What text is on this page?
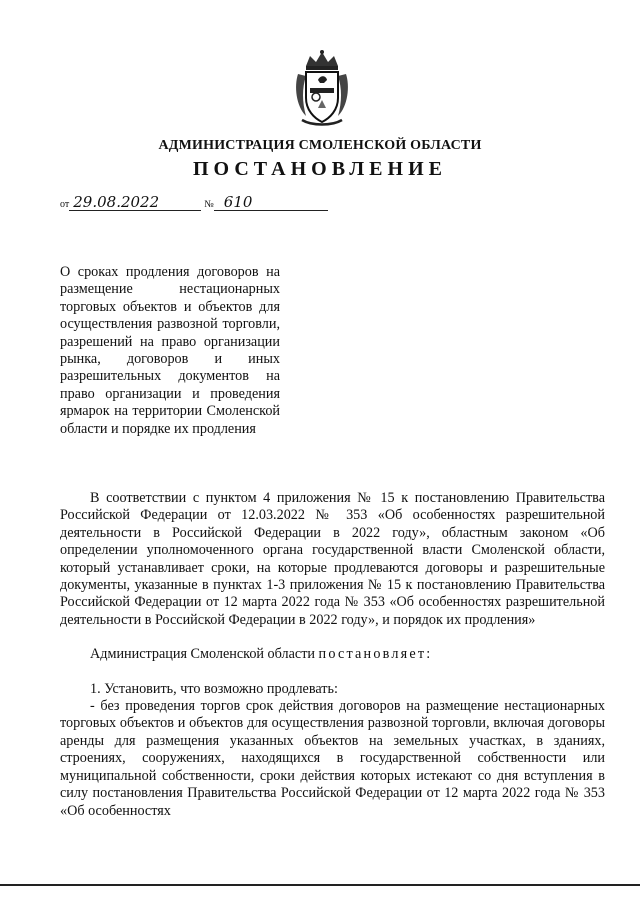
АДМИНИСТРАЦИЯ СМОЛЕНСКОЙ ОБЛАСТИ
ПОСТАНОВЛЕНИЕ
от 29.08.2022	№ 610
О сроках продления договоров на размещение нестационарных торговых объектов и объектов для осуществления развозной торговли, разрешений на право организации рынка, договоров и иных разрешительных документов на право организации и проведения ярмарок на территории Смоленской области и порядке их продления

В соответствии с пунктом 4 приложения № 15 к постановлению Правительства Российской Федерации от 12.03.2022 № 353 «Об особенностях разрешительной деятельности в Российской Федерации в 2022 году», областным законом «Об определении уполномоченного органа государственной власти Смоленской области, который устанавливает сроки, на которые продлеваются договоры и разрешительные документы, указанные в пунктах 1-3 приложения № 15 к постановлению Правительства Российской Федерации от 12 марта 2022 года № 353 «Об особенностях разрешительной деятельности в Российской Федерации в 2022 году», и порядок их продления»

Администрация Смоленской области постановляет:

1. Установить, что возможно продлевать:

- без проведения торгов срок действия договоров на размещение нестационарных торговых объектов и объектов для осуществления развозной торговли, включая договоры аренды для размещения указанных объектов на земельных участках, в зданиях, строениях, сооружениях, находящихся в государственной собственности или муниципальной собственности, сроки действия которых истекают со дня вступления в силу постановления Правительства Российской Федерации от 12 марта 2022 года № 353 «Об особенностях
